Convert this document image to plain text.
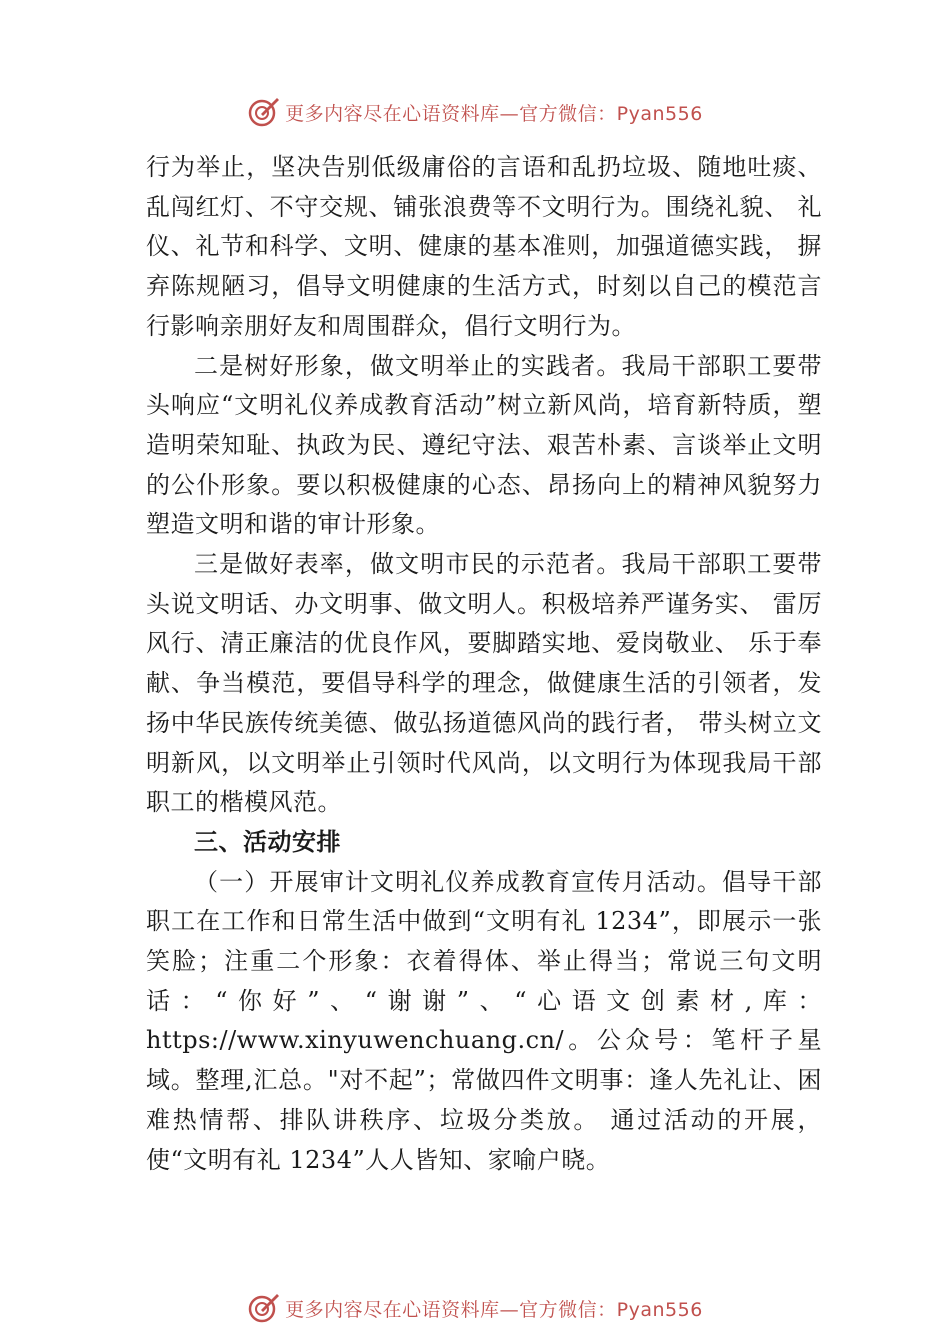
更多内容尽在心语资料库—官方微信：Pyan556

行为举止，坚决告别低级庸俗的言语和乱扔垃圾、随地吐痰、乱闯红灯、不守交规、铺张浪费等不文明行为。围绕礼貌、 礼仪、礼节和科学、文明、健康的基本准则，加强道德实践， 摒弃陈规陋习，倡导文明健康的生活方式，时刻以自己的模范言行影响亲朋好友和周围群众，倡行文明行为。

二是树好形象，做文明举止的实践者。我局干部职工要带头响应“文明礼仪养成教育活动”树立新风尚，培育新特质，塑造明荣知耻、执政为民、遵纪守法、艰苦朴素、言谈举止文明的公仆形象。要以积极健康的心态、昂扬向上的精神风貌努力塑造文明和谐的审计形象。

三是做好表率，做文明市民的示范者。我局干部职工要带头说文明话、办文明事、做文明人。积极培养严谨务实、 雷厉风行、清正廉洁的优良作风，要脚踏实地、爱岗敬业、 乐于奉献、争当模范，要倡导科学的理念，做健康生活的引领者，发扬中华民族传统美德、做弘扬道德风尚的践行者， 带头树立文明新风，以文明举止引领时代风尚，以文明行为体现我局干部职工的楷模风范。

三、活动安排

（一）开展审计文明礼仪养成教育宣传月活动。倡导干部职工在工作和日常生活中做到“文明有礼 1234”，即展示一张笑脸；注重二个形象：衣着得体、举止得当；常说三句文明话：“你好”、“谢谢”、“心语文创素材,库：https://www.xinyuwenchuang.cn/。公众号：笔杆子星域。整理,汇总。"对不起”；常做四件文明事：逢人先礼让、困难热情帮、排队讲秩序、垃圾分类放。 通过活动的开展，使“文明有礼 1234”人人皆知、家喻户晓。

更多内容尽在心语资料库—官方微信：Pyan556
